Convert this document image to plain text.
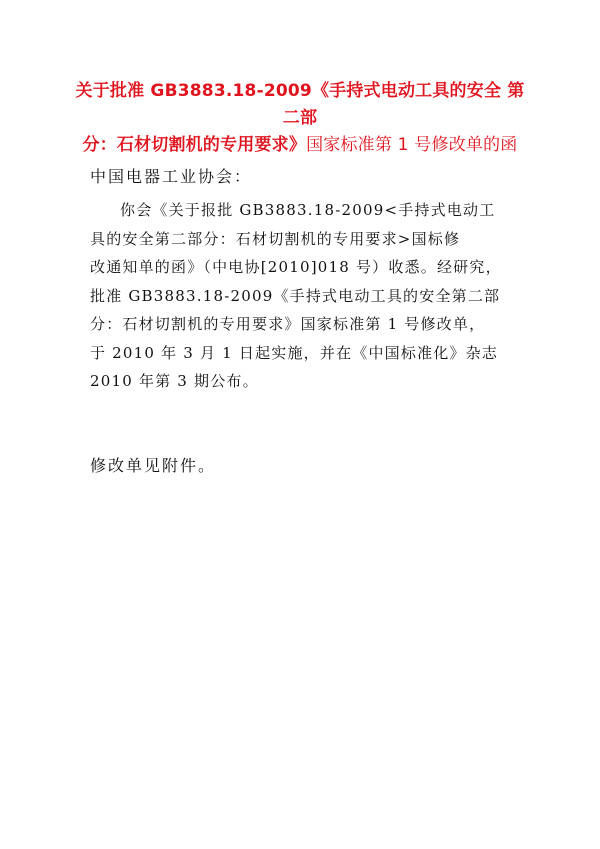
关于批准 GB3883.18-2009《手持式电动工具的安全 第二部
分：石材切割机的专用要求》国家标准第 1 号修改单的函
中国电器工业协会：
你会《关于报批 GB3883.18-2009<手持式电动工
具的安全第二部分：石材切割机的专用要求>国标修
改通知单的函》（中电协[2010]018 号）收悉。经研究，
批准 GB3883.18-2009《手持式电动工具的安全第二部
分：石材切割机的专用要求》国家标准第 1 号修改单，
于 2010 年 3 月 1 日起实施，并在《中国标准化》杂志
2010 年第 3 期公布。
修改单见附件。
